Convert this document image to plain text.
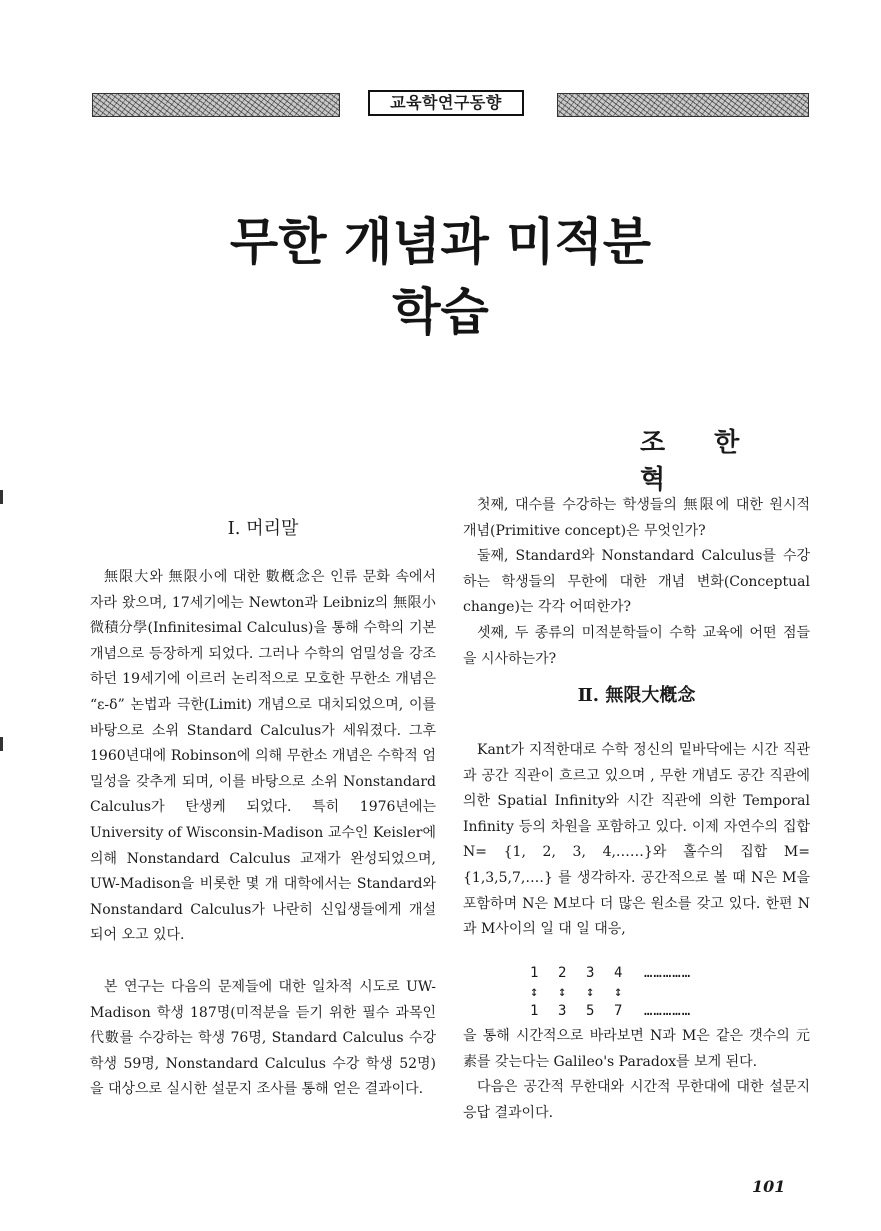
교육학연구동향
무한 개념과 미적분
학습
조 한 혁
Ⅰ. 머리말

無限大와 無限小에 대한 數槪念은 인류 문화 속에서 자라 왔으며, 17세기에는 Newton과 Leibniz의 無限小 微積分學(Infinitesimal Calculus)을 통해 수학의 기본 개념으로 등장하게 되었다. 그러나 수학의 엄밀성을 강조하던 19세기에 이르러 논리적으로 모호한 무한소 개념은 “ε-δ” 논법과 극한(Limit) 개념으로 대치되었으며, 이를 바탕으로 소위 Standard Calculus가 세워졌다. 그후 1960년대에 Robinson에 의해 무한소 개념은 수학적 엄밀성을 갖추게 되며, 이를 바탕으로 소위 Nonstandard Calculus가 탄생케 되었다. 특히 1976년에는 University of Wisconsin-Madison 교수인 Keisler에 의해 Nonstandard Calculus 교재가 완성되었으며, UW-Madison을 비롯한 몇 개 대학에서는 Standard와 Nonstandard Calculus가 나란히 신입생들에게 개설되어 오고 있다.

본 연구는 다음의 문제들에 대한 일차적 시도로 UW-Madison 학생 187명(미적분을 듣기 위한 필수 과목인 代數를 수강하는 학생 76명, Standard Calculus 수강 학생 59명, Nonstandard Calculus 수강 학생 52명)을 대상으로 실시한 설문지 조사를 통해 얻은 결과이다.

첫째, 대수를 수강하는 학생들의 無限에 대한 원시적 개념(Primitive concept)은 무엇인가?

둘째, Standard와 Nonstandard Calculus를 수강하는 학생들의 무한에 대한 개념 변화(Conceptual change)는 각각 어떠한가?

셋째, 두 종류의 미적분학들이 수학 교육에 어떤 점들을 시사하는가?

Ⅱ. 無限大槪念

Kant가 지적한대로 수학 정신의 밑바닥에는 시간 직관과 공간 직관이 흐르고 있으며 , 무한 개념도 공간 직관에 의한 Spatial Infinity와 시간 직관에 의한 Temporal Infinity 등의 차원을 포함하고 있다. 이제 자연수의 집합 N= {1, 2, 3, 4,……}와 홀수의 집합 M={1,3,5,7,‥‥} 를 생각하자. 공간적으로 볼 때 N은 M을 포함하며 N은 M보다 더 많은 원소를 갖고 있다. 한편 N과 M사이의 일 대 일 대응,

1	2	3	4	……………
↕	↕	↕	↕
1	3	5	7	……………

을 통해 시간적으로 바라보면 N과 M은 같은 갯수의 元素를 갖는다는 Galileo's Paradox를 보게 된다.

다음은 공간적 무한대와 시간적 무한대에 대한 설문지 응답 결과이다.

101
